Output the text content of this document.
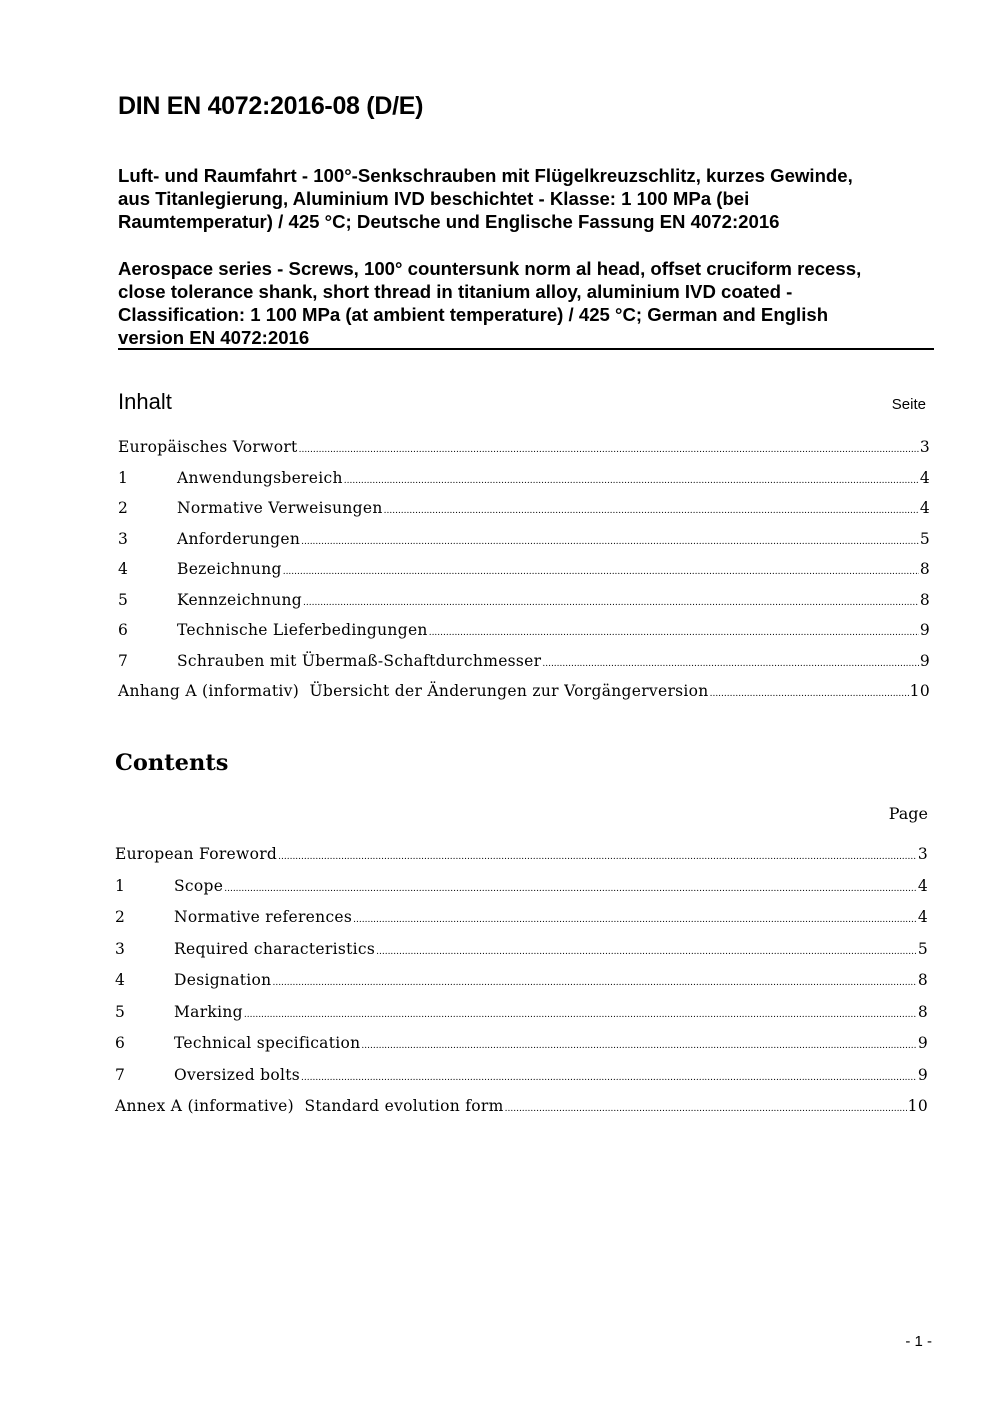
DIN EN 4072:2016-08 (D/E)
Luft- und Raumfahrt - 100°-Senkschrauben mit Flügelkreuzschlitz, kurzes Gewinde,
aus Titanlegierung, Aluminium IVD beschichtet - Klasse: 1 100 MPa (bei
Raumtemperatur) / 425 °C; Deutsche und Englische Fassung EN 4072:2016
Aerospace series - Screws, 100° countersunk norm al head, offset cruciform recess,
close tolerance shank, short thread in titanium alloy, aluminium IVD coated -
Classification: 1 100 MPa (at ambient temperature) / 425 °C; German and English
version EN 4072:2016
Inhalt	Seite
Europäisches Vorwort .....	3
1	Anwendungsbereich .....	4
2	Normative Verweisungen .....	4
3	Anforderungen .....	5
4	Bezeichnung .....	8
5	Kennzeichnung .....	8
6	Technische Lieferbedingungen .....	9
7	Schrauben mit Übermaß-Schaftdurchmesser .....	9
Anhang A (informativ)  Übersicht der Änderungen zur Vorgängerversion .....	10
Contents
Page
European Foreword .....	3
1	Scope .....	4
2	Normative references .....	4
3	Required characteristics .....	5
4	Designation .....	8
5	Marking .....	8
6	Technical specification .....	9
7	Oversized bolts .....	9
Annex A (informative)  Standard evolution form .....	10
- 1 -
